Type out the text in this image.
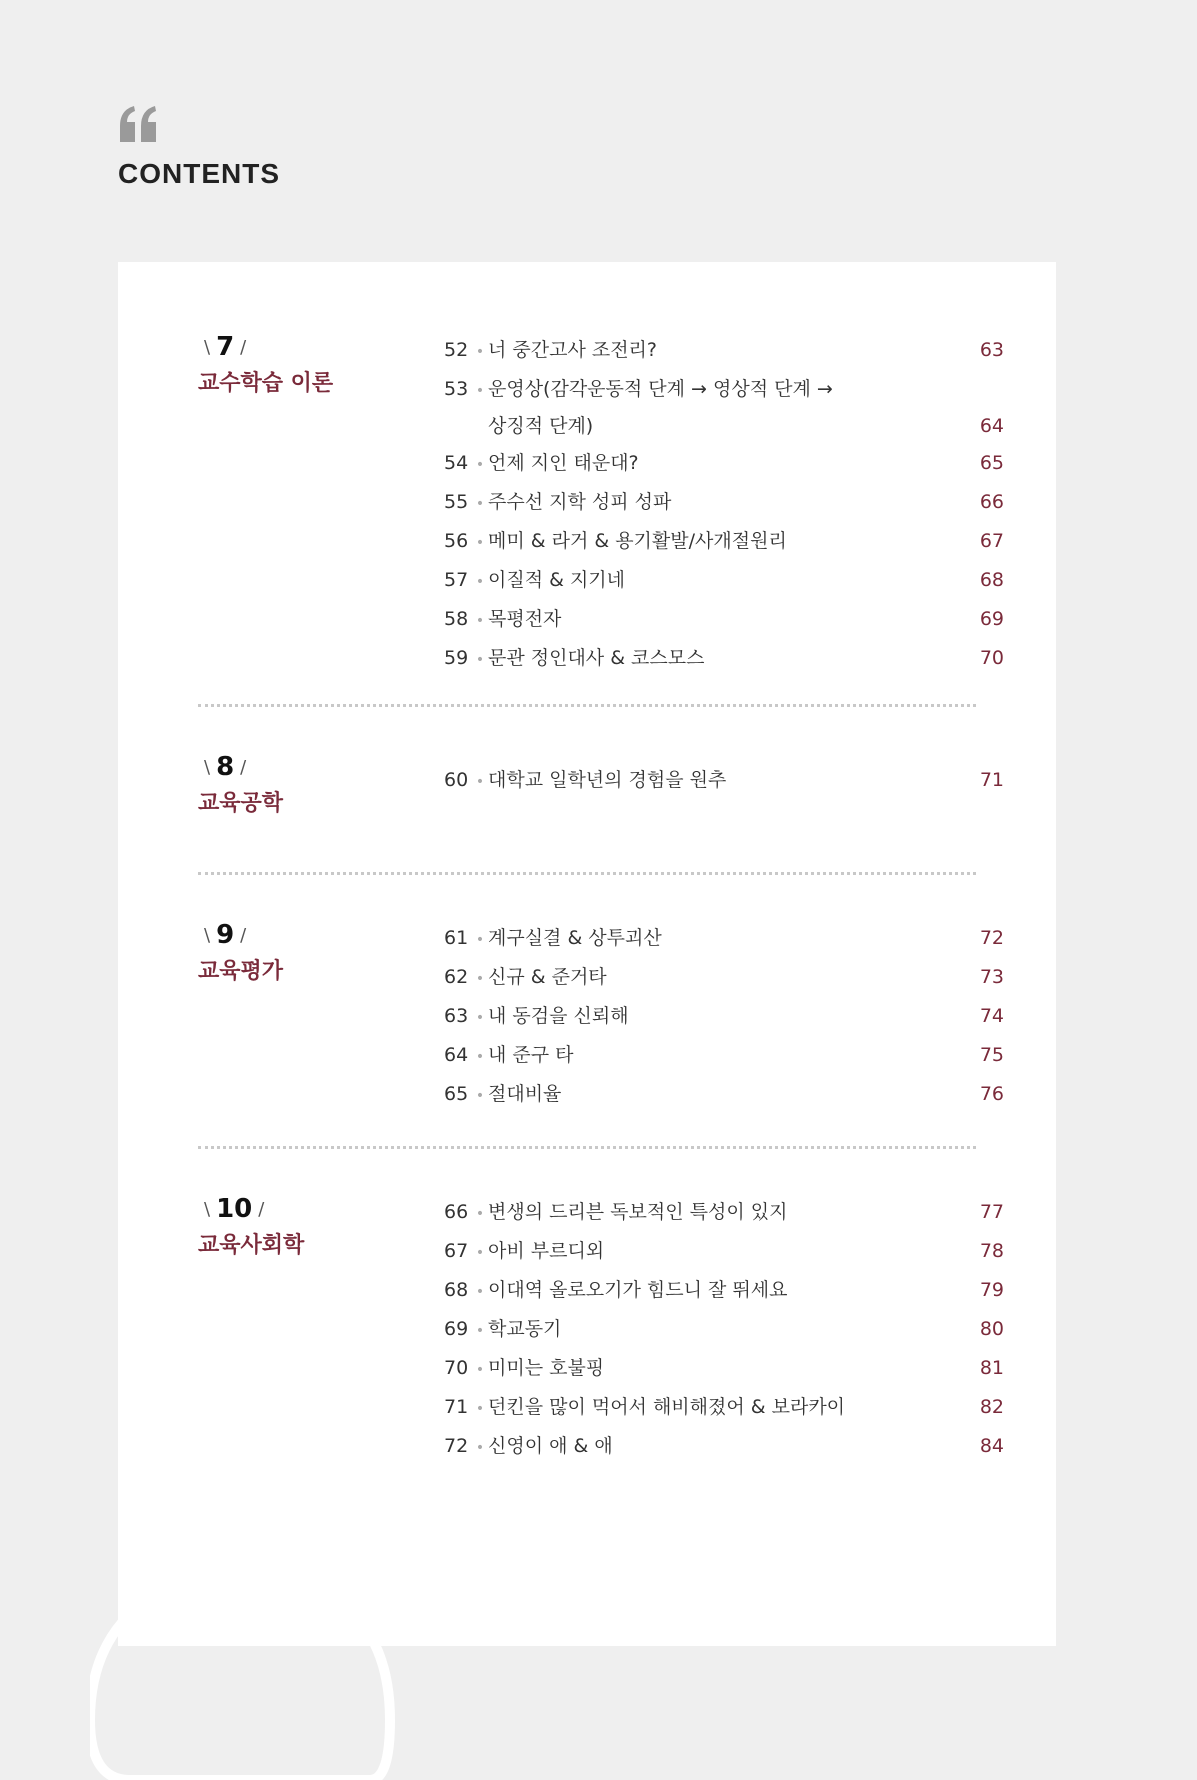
CONTENTS
\ 7 /
교수학습 이론
52 • 너 중간고사 조전리?	63
53 • 운영상(감각운동적 단계 → 영상적 단계 → 상징적 단계)	64
54 • 언제 지인 태운대?	65
55 • 주수선 지학 성피 성파	66
56 • 메미 & 라거 & 용기활발/사개절원리	67
57 • 이질적 & 지기네	68
58 • 목평전자	69
59 • 문관 정인대사 & 코스모스	70
\ 8 /
교육공학
60 • 대학교 일학년의 경험을 원추	71
\ 9 /
교육평가
61 • 계구실결 & 상투괴산	72
62 • 신규 & 준거타	73
63 • 내 동검을 신뢰해	74
64 • 내 준구 타	75
65 • 절대비율	76
\ 10 /
교육사회학
66 • 변생의 드리븐 독보적인 특성이 있지	77
67 • 아비 부르디외	78
68 • 이대역 올로오기가 힘드니 잘 뛰세요	79
69 • 학교동기	80
70 • 미미는 호불핑	81
71 • 던킨을 많이 먹어서 해비해졌어 & 보라카이	82
72 • 신영이 애 & 애	84
